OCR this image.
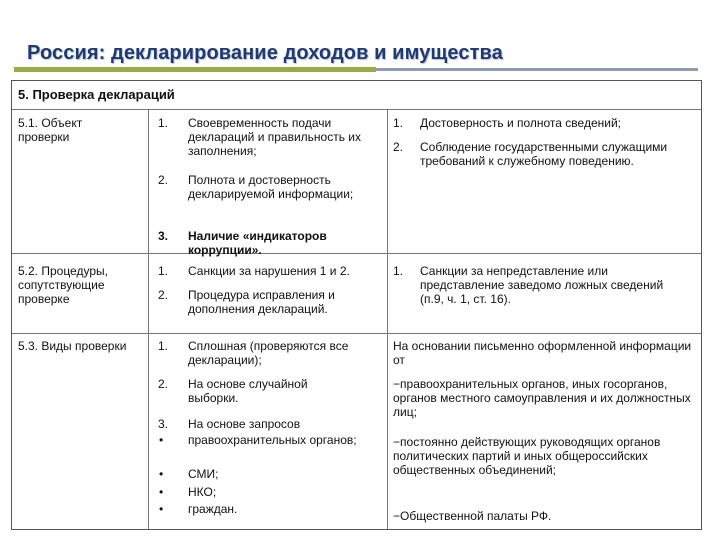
Россия: декларирование доходов и имущества
5. Проверка деклараций
5.1. Объект проверки
1. Своевременность подачи деклараций и правильность их заполнения;
2. Полнота и достоверность декларируемой информации;
3. Наличие «индикаторов коррупции».
1. Достоверность и полнота сведений;
2. Соблюдение государственными служащими требований к служебному поведению.
5.2. Процедуры, сопутствующие проверке
1. Санкции за нарушения 1 и 2.
2. Процедура исправления и дополнения деклараций.
1. Санкции за непредставление или представление заведомо ложных сведений (п.9, ч. 1, ст. 16).
5.3. Виды проверки	1. Сплошная (проверяются все декларации);
2. На основе случайной выборки.
3. На основе запросов
• правоохранительных органов;
• СМИ;
• НКО;
• граждан.
На основании письменно оформленной информации от
−правоохранительных органов, иных госорганов, органов местного самоуправления и их должностных лиц;
−постоянно действующих руководящих органов политических партий и иных общероссийских общественных объединений;
−Общественной палаты РФ.
